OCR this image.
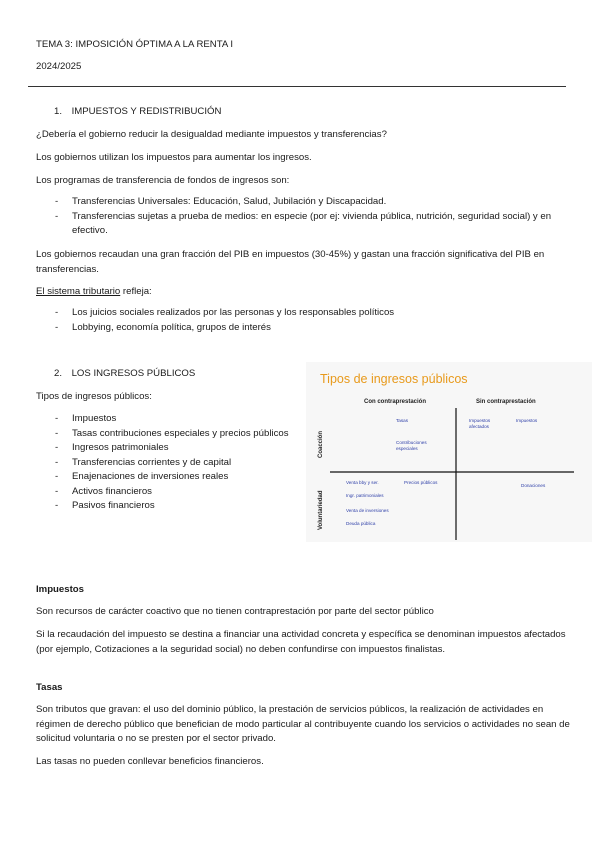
TEMA 3: IMPOSICIÓN ÓPTIMA A LA RENTA I
2024/2025
1. IMPUESTOS Y REDISTRIBUCIÓN

¿Debería el gobierno reducir la desigualdad mediante impuestos y transferencias?

Los gobiernos utilizan los impuestos para aumentar los ingresos.

Los programas de transferencia de fondos de ingresos son:

- Transferencias Universales: Educación, Salud, Jubilación y Discapacidad.
- Transferencias sujetas a prueba de medios: en especie (por ej: vivienda pública, nutrición, seguridad social) y en efectivo.

Los gobiernos recaudan una gran fracción del PIB en impuestos (30-45%) y gastan una fracción significativa del PIB en transferencias.

El sistema tributario refleja:

- Los juicios sociales realizados por las personas y los responsables políticos
- Lobbying, economía política, grupos de interés
2. LOS INGRESOS PÚBLICOS

Tipos de ingresos públicos:

- Impuestos
- Tasas contribuciones especiales y precios públicos
- Ingresos patrimoniales
- Transferencias corrientes y de capital
- Enajenaciones de inversiones reales
- Activos financieros
- Pasivos financieros
Tipos de ingresos públicos
Con contraprestación	Sin contraprestación
Coacción
Voluntariedad
Tasas
Contribuciones especiales
Impuestos afectados
Impuestos
Venta bby y ser.	Precios públicos
Ingr. patrimoniales
Venta de inversiones
Deuda pública
Donaciones
Impuestos

Son recursos de carácter coactivo que no tienen contraprestación por parte del sector público

Si la recaudación del impuesto se destina a financiar una actividad concreta y específica se denominan impuestos afectados (por ejemplo, Cotizaciones a la seguridad social) no deben confundirse con impuestos finalistas.

Tasas

Son tributos que gravan: el uso del dominio público, la prestación de servicios públicos, la realización de actividades en régimen de derecho público que benefician de modo particular al contribuyente cuando los servicios o actividades no sean de solicitud voluntaria o no se presten por el sector privado.

Las tasas no pueden conllevar beneficios financieros.
